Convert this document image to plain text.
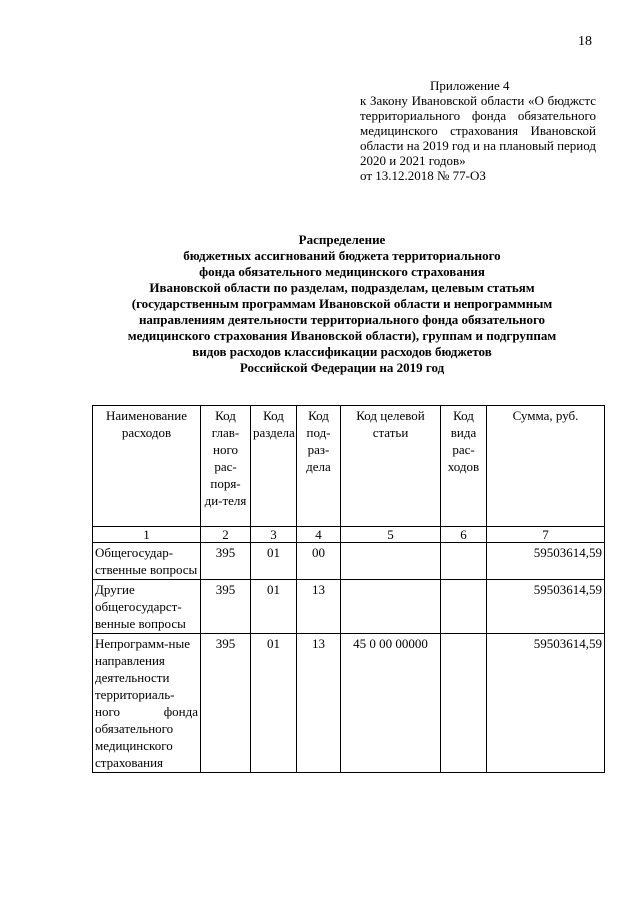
18
Приложение 4

к Закону Ивановской области «О бюджстс территориального фонда обязательного медицинского страхования Ивановской области на 2019 год и на плановый период 2020 и 2021 годов»

от 13.12.2018 № 77-ОЗ

Распределение

бюджетных ассигнований бюджета территориального

фонда обязательного медицинского страхования

Ивановской области по разделам, подразделам, целевым статьям

(государственным программам Ивановской области и непрограммным

направлениям деятельности территориального фонда обязательного

медицинского страхования Ивановской области), группам и подгруппам

видов расходов классификации расходов бюджетов

Российской Федерации на 2019 год

Наименование расходов	Код глав-ного рас-поря-ди-теля	Код раздела	Код под-раз-дела	Код целевой статьи	Код вида рас-ходов	Сумма, руб.
1	2	3	4	5	6	7
Общегосудар-ственные вопросы	395	01	00			59503614,59
Другие общегосударст-венные вопросы	395	01	13			59503614,59
Непрограмм-ные направления деятельности территориаль-ного фонда обязательного медицинского страхования	395	01	13	45 0 00 00000		59503614,59
